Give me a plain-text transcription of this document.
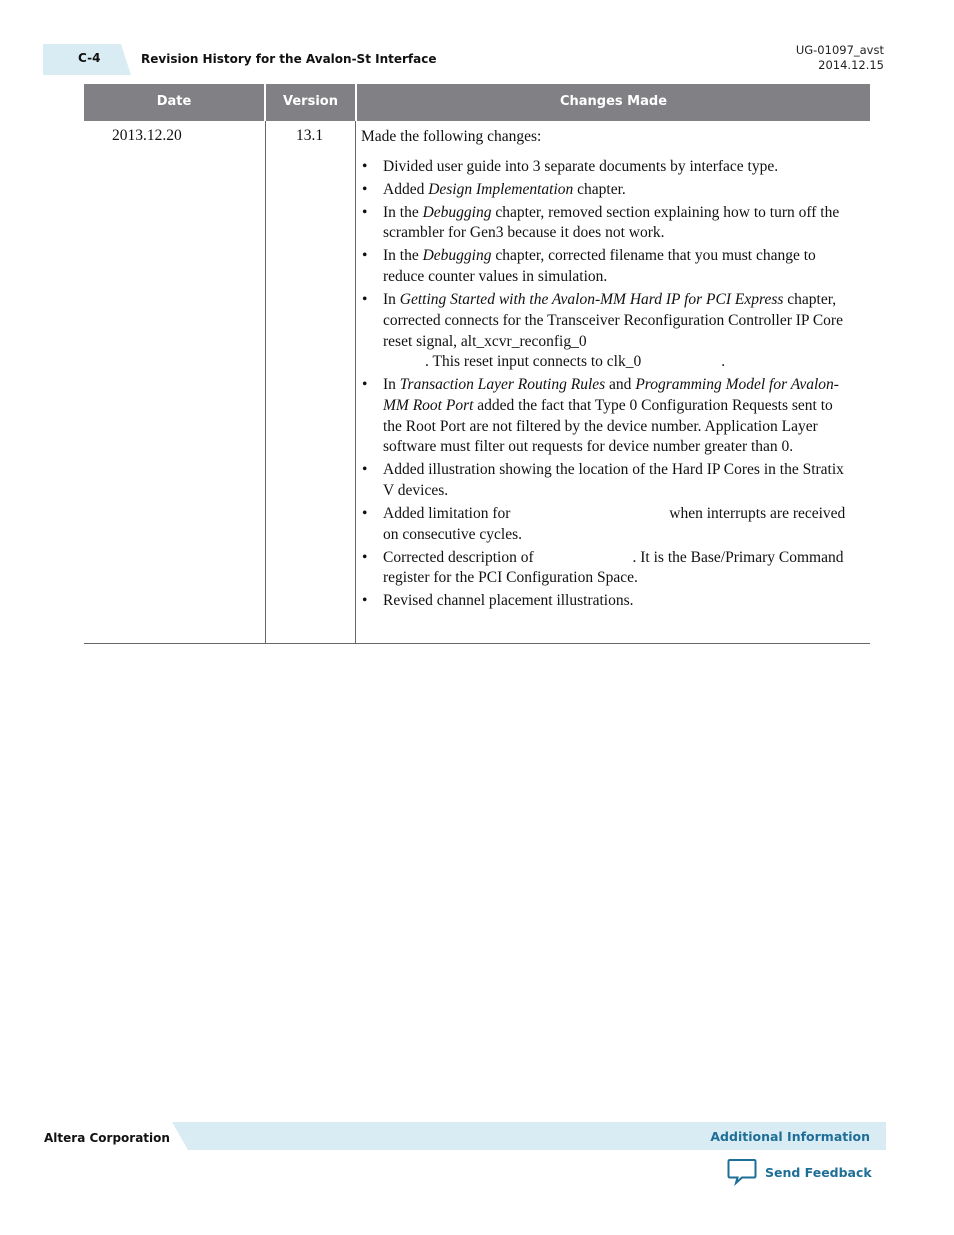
C-4	Revision History for the Avalon-St Interface
UG-01097_avst
2014.12.15
Date	Version	Changes Made
2013.12.20	13.1 Made the following changes:

• Divided user guide into 3 separate documents by interface type.
• Added Design Implementation chapter.
• In the Debugging chapter, removed section explaining how to turn off the scrambler for Gen3 because it does not work.
• In the Debugging chapter, corrected filename that you must change to reduce counter values in simulation.
• In Getting Started with the Avalon-MM Hard IP for PCI Express chapter, corrected connects for the Transceiver Reconfiguration Controller IP Core reset signal, alt_xcvr_reconfig_0
. This reset input connects to clk_0	.
• In Transaction Layer Routing Rules and Programming Model for Avalon-MM Root Port added the fact that Type 0 Configuration Requests sent to the Root Port are not filtered by the device number. Application Layer software must filter out requests for device number greater than 0.
• Added illustration showing the location of the Hard IP Cores in the Stratix V devices.
• Added limitation for	when interrupts are received on consecutive cycles.
• Corrected description of	. It is the Base/Primary Command register for the PCI Configuration Space.
• Revised channel placement illustrations.
Altera Corporation	Additional Information
Send Feedback
